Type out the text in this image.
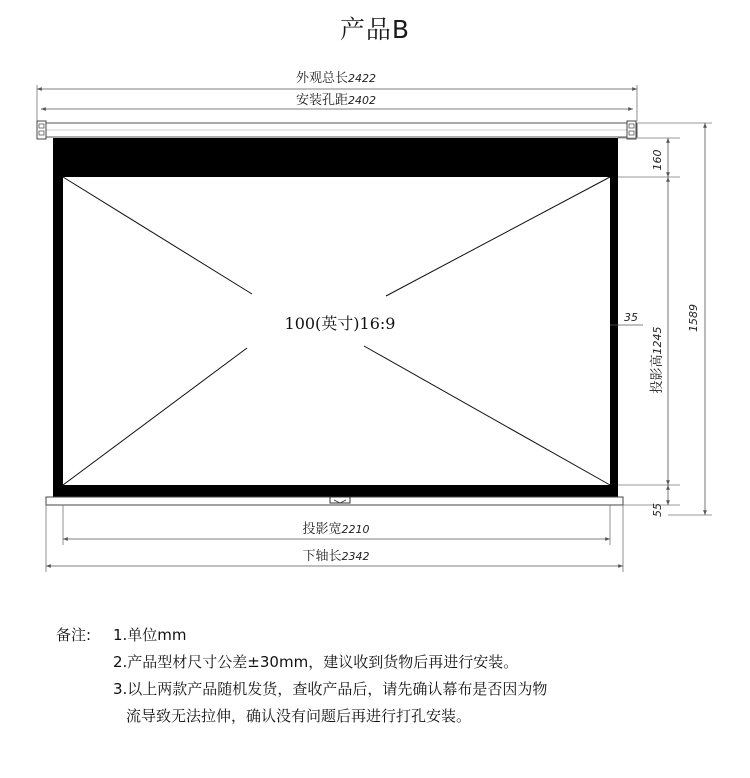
产品B
100(英寸)16:9
外观总长2422
安装孔距2402
160
35
投影高1245
55
1589
投影宽2210
下轴长2342
备注:	1.单位mm
2.产品型材尺寸公差±30mm，建议收到货物后再进行安装。
3.以上两款产品随机发货，查收产品后，请先确认幕布是否因为物
流导致无法拉伸，确认没有问题后再进行打孔安装。
